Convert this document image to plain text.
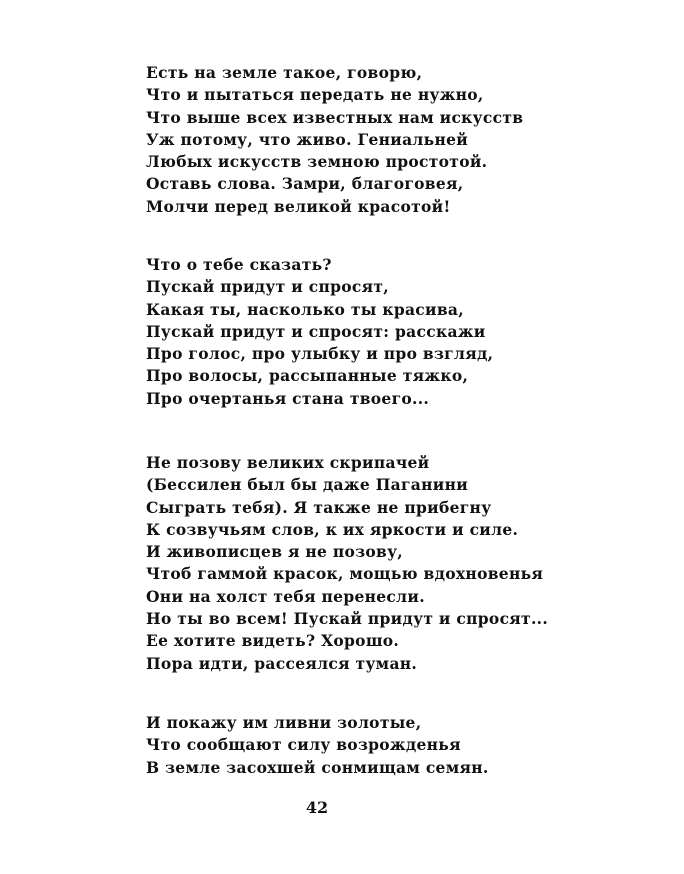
Есть на земле такое, говорю,
Что и пытаться передать не нужно,
Что выше всех известных нам искусств
Уж потому, что живо. Гениальней
Любых искусств земною простотой.
Оставь слова. Замри, благоговея,
Молчи перед великой красотой!
Что о тебе сказать?
Пускай придут и спросят,
Какая ты, насколько ты красива,
Пускай придут и спросят: расскажи
Про голос, про улыбку и про взгляд,
Про волосы, рассыпанные тяжко,
Про очертанья стана твоего...
Не позову великих скрипачей
(Бессилен был бы даже Паганини
Сыграть тебя). Я также не прибегну
К созвучьям слов, к их яркости и силе.
И живописцев я не позову,
Чтоб гаммой красок, мощью вдохновенья
Они на холст тебя перенесли.
Но ты во всем! Пускай придут и спросят...
Ее хотите видеть? Хорошо.
Пора идти, рассеялся туман.
И покажу им ливни золотые,
Что сообщают силу возрожденья
В земле засохшей сонмищам семян.
42
